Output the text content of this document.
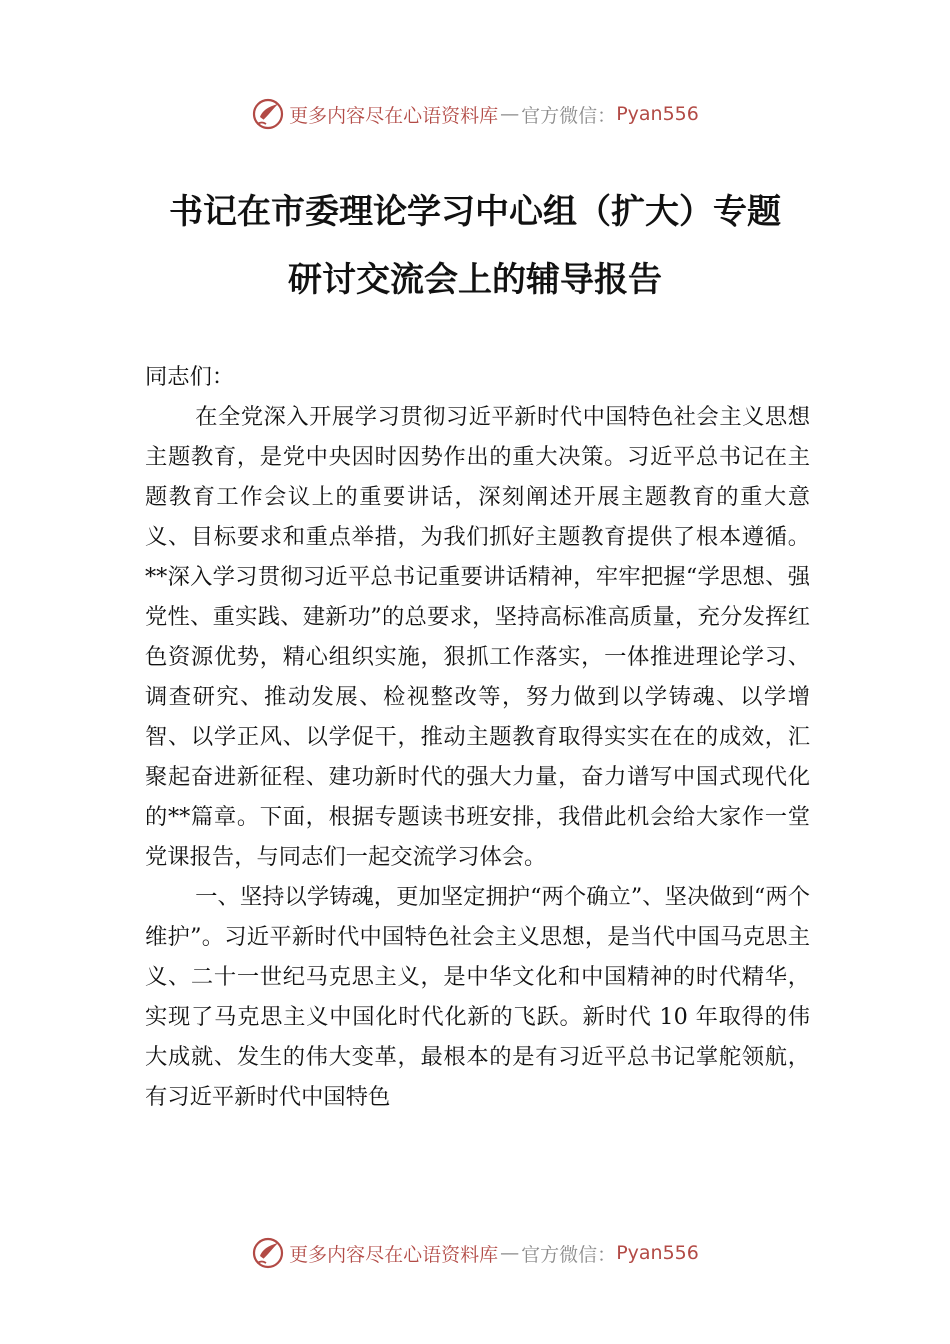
更多内容尽在心语资料库 — 官方微信： Pyan556
书记在市委理论学习中心组（扩大）专题
研讨交流会上的辅导报告

同志们：

在全党深入开展学习贯彻习近平新时代中国特色社会主义思想主题教育，是党中央因时因势作出的重大决策。习近平总书记在主题教育工作会议上的重要讲话，深刻阐述开展主题教育的重大意义、目标要求和重点举措，为我们抓好主题教育提供了根本遵循。**深入学习贯彻习近平总书记重要讲话精神，牢牢把握“学思想、强党性、重实践、建新功”的总要求，坚持高标准高质量，充分发挥红色资源优势，精心组织实施，狠抓工作落实，一体推进理论学习、调查研究、推动发展、检视整改等，努力做到以学铸魂、以学增智、以学正风、以学促干，推动主题教育取得实实在在的成效，汇聚起奋进新征程、建功新时代的强大力量，奋力谱写中国式现代化的**篇章。下面，根据专题读书班安排，我借此机会给大家作一堂党课报告，与同志们一起交流学习体会。

一、坚持以学铸魂，更加坚定拥护“两个确立”、坚决做到“两个维护”。习近平新时代中国特色社会主义思想，是当代中国马克思主义、二十一世纪马克思主义，是中华文化和中国精神的时代精华，实现了马克思主义中国化时代化新的飞跃。新时代 10 年取得的伟大成就、发生的伟大变革，最根本的是有习近平总书记掌舵领航，有习近平新时代中国特色

更多内容尽在心语资料库 — 官方微信： Pyan556
